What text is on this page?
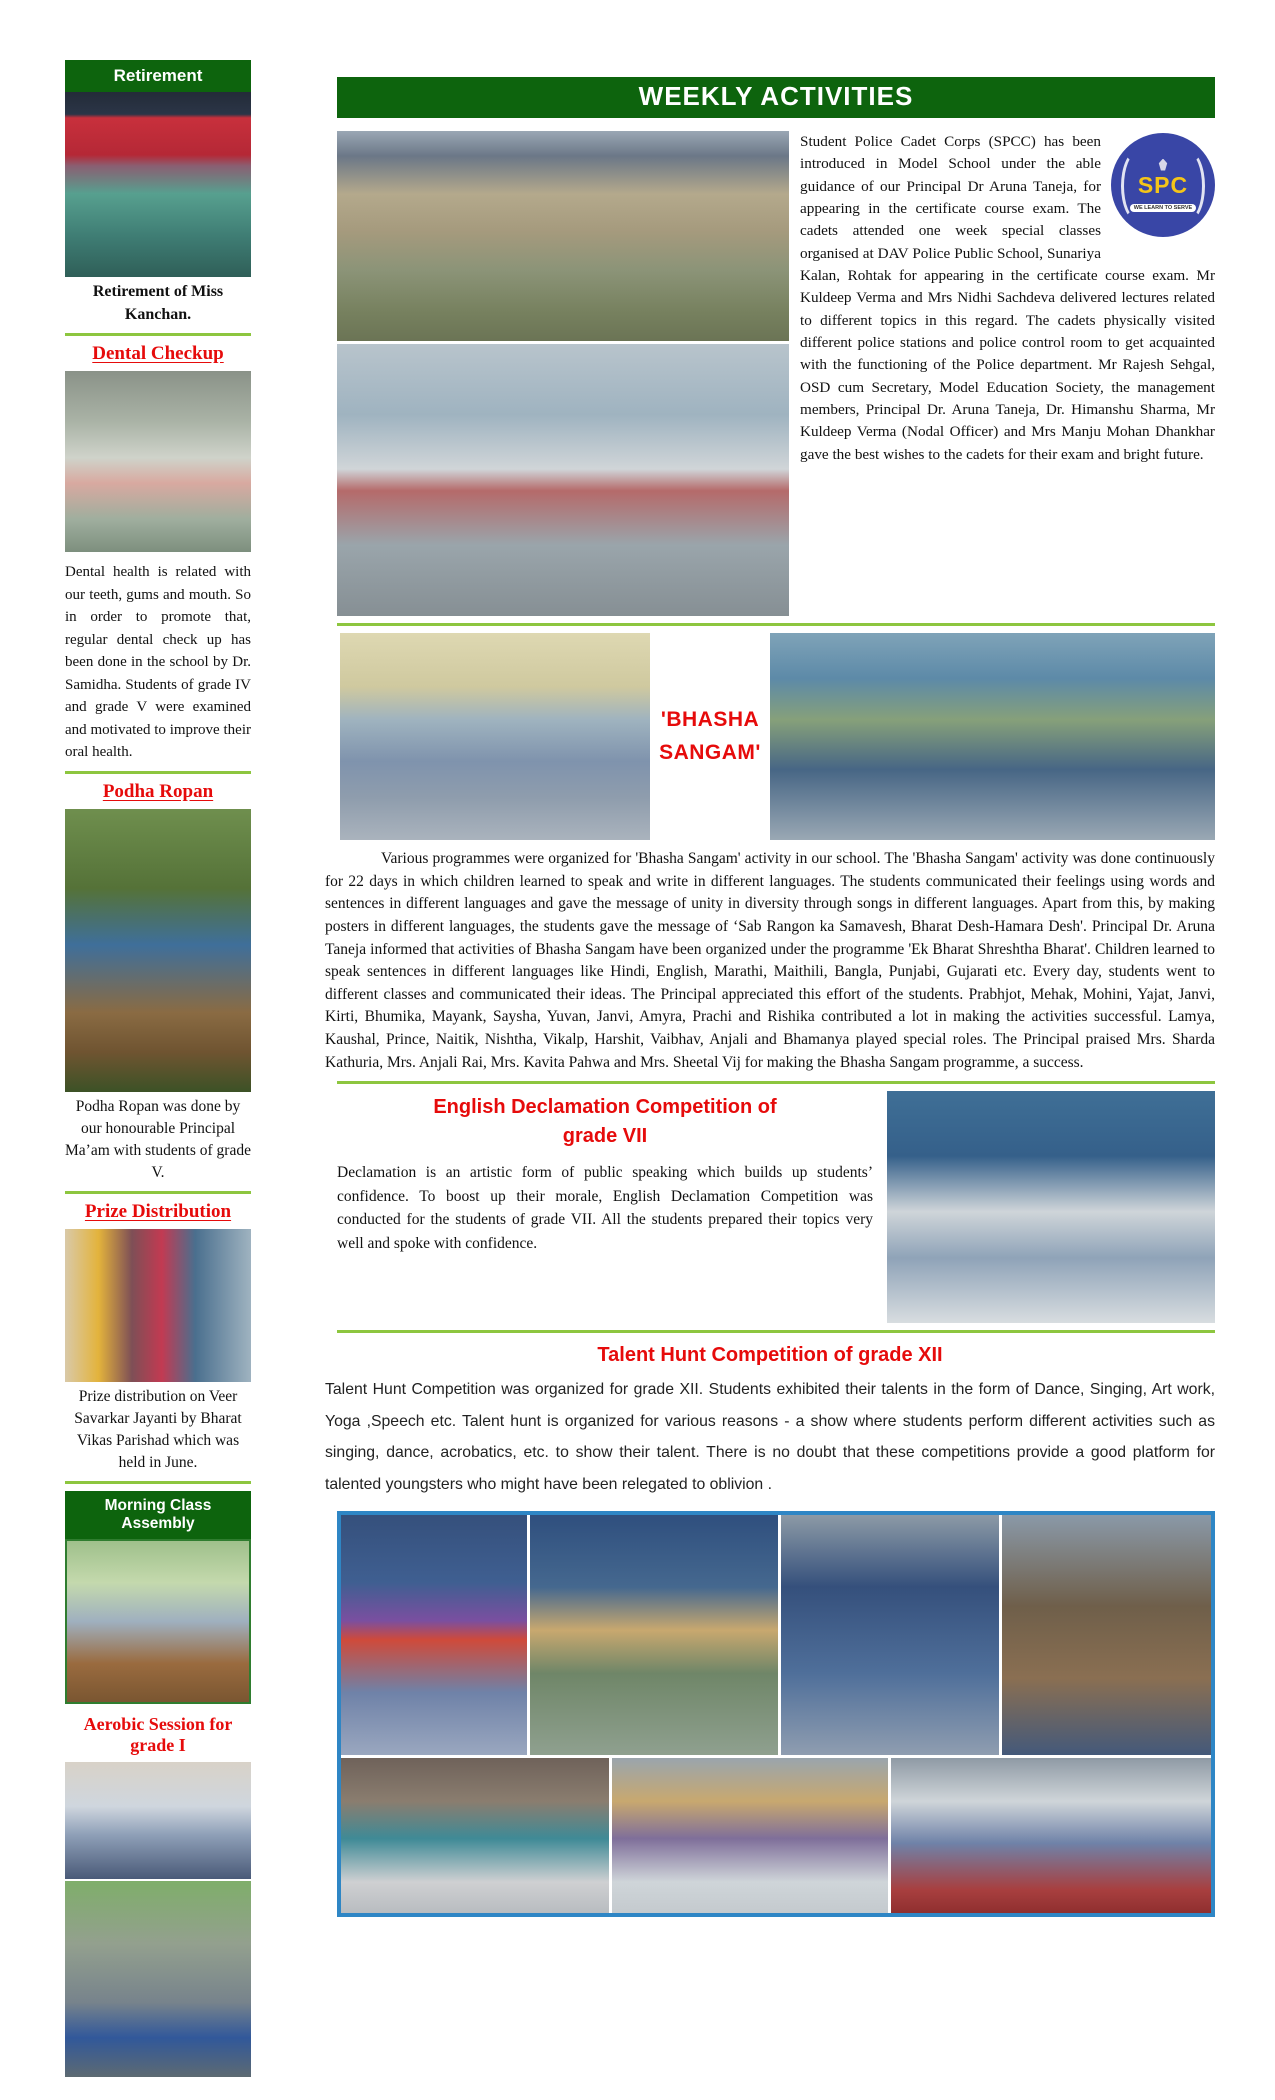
Retirement
Retirement of Miss Kanchan.
Dental Checkup

Dental health is related with our teeth, gums and mouth. So in order to promote that, regular dental check up has been done in the school by Dr. Samidha. Students of grade IV and grade V were examined and motivated to improve their oral health.

Podha Ropan
Podha Ropan was done by our honourable Principal Ma’am with students of grade V.
Prize Distribution
Prize distribution on Veer Savarkar Jayanti by Bharat Vikas Parishad which was held in June.
Morning Class Assembly
Aerobic Session for grade I
WEEKLY ACTIVITIES
SPC
WE LEARN TO SERVE

Student Police Cadet Corps (SPCC) has been introduced in Model School under the able guidance of our Principal Dr Aruna Taneja, for appearing in the certificate course exam. The cadets attended one week special classes organised at DAV Police Public School, Sunariya Kalan, Rohtak for appearing in the certificate course exam. Mr Kuldeep Verma and Mrs Nidhi Sachdeva delivered lectures related to different topics in this regard. The cadets physically visited different police stations and police control room to get acquainted with the functioning of the Police department. Mr Rajesh Sehgal, OSD cum Secretary, Model Education Society, the management members, Principal Dr. Aruna Taneja, Dr. Himanshu Sharma, Mr Kuldeep Verma (Nodal Officer) and Mrs Manju Mohan Dhankhar gave the best wishes to the cadets for their exam and bright future.

'BHASHA
SANGAM'

Various programmes were organized for 'Bhasha Sangam' activity in our school. The 'Bhasha Sangam' activity was done continuously for 22 days in which children learned to speak and write in different languages. The students communicated their feelings using words and sentences in different languages and gave the message of unity in diversity through songs in different languages. Apart from this, by making posters in different languages, the students gave the message of ‘Sab Rangon ka Samavesh, Bharat Desh-Hamara Desh'. Principal Dr. Aruna Taneja informed that activities of Bhasha Sangam have been organized under the programme 'Ek Bharat Shreshtha Bharat'. Children learned to speak sentences in different languages like Hindi, English, Marathi, Maithili, Bangla, Punjabi, Gujarati etc. Every day, students went to different classes and communicated their ideas. The Principal appreciated this effort of the students. Prabhjot, Mehak, Mohini, Yajat, Janvi, Kirti, Bhumika, Mayank, Saysha, Yuvan, Janvi, Amyra, Prachi and Rishika contributed a lot in making the activities successful. Lamya, Kaushal, Prince, Naitik, Nishtha, Vikalp, Harshit, Vaibhav, Anjali and Bhamanya played special roles. The Principal praised Mrs. Sharda Kathuria, Mrs. Anjali Rai, Mrs. Kavita Pahwa and Mrs. Sheetal Vij for making the Bhasha Sangam programme, a success.

English Declamation Competition of grade VII

Declamation is an artistic form of public speaking which builds up students’ confidence. To boost up their morale, English Declamation Competition was conducted for the students of grade VII. All the students prepared their topics very well and spoke with confidence.

Talent Hunt Competition of grade XII

Talent Hunt Competition was organized for grade XII. Students exhibited their talents in the form of Dance, Singing, Art work, Yoga ,Speech etc. Talent hunt is organized for various reasons - a show where students perform different activities such as singing, dance, acrobatics, etc. to show their talent. There is no doubt that these competitions provide a good platform for talented youngsters who might have been relegated to oblivion .
